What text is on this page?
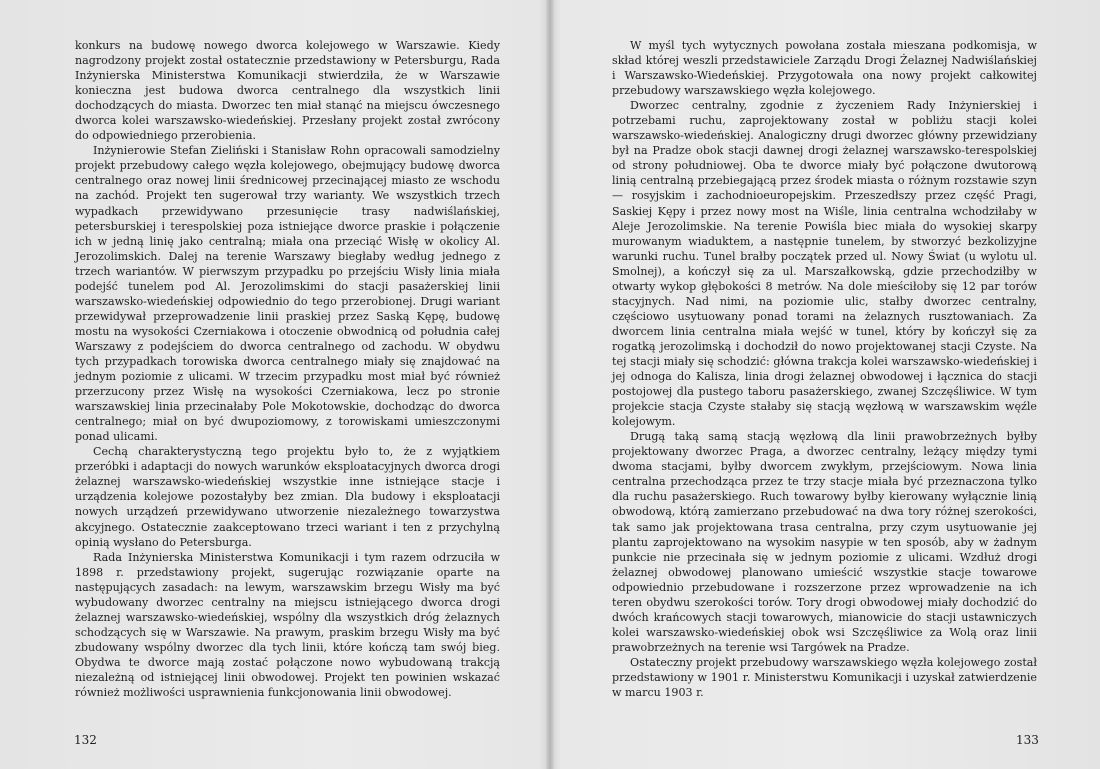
konkurs na budowę nowego dworca kolejowego w Warszawie. Kiedy nagrodzony projekt został ostatecznie przedstawiony w Petersburgu, Rada Inżynierska Ministerstwa Komunikacji stwierdziła, że w Warszawie konieczna jest budowa dworca centralnego dla wszystkich linii dochodzących do miasta. Dworzec ten miał stanąć na miejscu ówczesnego dworca kolei warszawsko-wiedeńskiej. Przesłany projekt został zwrócony do odpowiedniego przerobienia.

Inżynierowie Stefan Zieliński i Stanisław Rohn opracowali samodzielny projekt przebudowy całego węzła kolejowego, obejmujący budowę dworca centralnego oraz nowej linii średnicowej przecinającej miasto ze wschodu na zachód. Projekt ten sugerował trzy warianty. We wszystkich trzech wypadkach przewidywano przesunięcie trasy nadwiślańskiej, petersburskiej i terespolskiej poza istniejące dworce praskie i połączenie ich w jedną linię jako centralną; miała ona przeciąć Wisłę w okolicy Al. Jerozolimskich. Dalej na terenie Warszawy biegłaby według jednego z trzech wariantów. W pierwszym przypadku po przejściu Wisły linia miała podejść tunelem pod Al. Jerozolimskimi do stacji pasażerskiej linii warszawsko-wiedeńskiej odpowiednio do tego przerobionej. Drugi wariant przewidywał przeprowadzenie linii praskiej przez Saską Kępę, budowę mostu na wysokości Czerniakowa i otoczenie obwodnicą od południa całej Warszawy z podejściem do dworca centralnego od zachodu. W obydwu tych przypadkach torowiska dworca centralnego miały się znajdować na jednym poziomie z ulicami. W trzecim przypadku most miał być również przerzucony przez Wisłę na wysokości Czerniakowa, lecz po stronie warszawskiej linia przecinałaby Pole Mokotowskie, dochodząc do dworca centralnego; miał on być dwupoziomowy, z torowiskami umieszczonymi ponad ulicami.

Cechą charakterystyczną tego projektu było to, że z wyjątkiem przeróbki i adaptacji do nowych warunków eksploatacyjnych dworca drogi żelaznej warszawsko-wiedeńskiej wszystkie inne istniejące stacje i urządzenia kolejowe pozostałyby bez zmian. Dla budowy i eksploatacji nowych urządzeń przewidywano utworzenie niezależnego towarzystwa akcyjnego. Ostatecznie zaakceptowano trzeci wariant i ten z przychylną opinią wysłano do Petersburga.

Rada Inżynierska Ministerstwa Komunikacji i tym razem odrzuciła w 1898 r. przedstawiony projekt, sugerując rozwiązanie oparte na następujących zasadach: na lewym, warszawskim brzegu Wisły ma być wybudowany dworzec centralny na miejscu istniejącego dworca drogi żelaznej warszawsko-wiedeńskiej, wspólny dla wszystkich dróg żelaznych schodzących się w Warszawie. Na prawym, praskim brzegu Wisły ma być zbudowany wspólny dworzec dla tych linii, które kończą tam swój bieg. Obydwa te dworce mają zostać połączone nowo wybudowaną trakcją niezależną od istniejącej linii obwodowej. Projekt ten powinien wskazać również możliwości usprawnienia funkcjonowania linii obwodowej.

132

W myśl tych wytycznych powołana została mieszana podkomisja, w skład której weszli przedstawiciele Zarządu Drogi Żelaznej Nadwiślańskiej i Warszawsko-Wiedeńskiej. Przygotowała ona nowy projekt całkowitej przebudowy warszawskiego węzła kolejowego.

Dworzec centralny, zgodnie z życzeniem Rady Inżynierskiej i potrzebami ruchu, zaprojektowany został w pobliżu stacji kolei warszawsko-wiedeńskiej. Analogiczny drugi dworzec główny przewidziany był na Pradze obok stacji dawnej drogi żelaznej warszawsko-terespolskiej od strony południowej. Oba te dworce miały być połączone dwutorową linią centralną przebiegającą przez środek miasta o różnym rozstawie szyn — rosyjskim i zachodnioeuropejskim. Przeszedłszy przez część Pragi, Saskiej Kępy i przez nowy most na Wiśle, linia centralna wchodziłaby w Aleje Jerozolimskie. Na terenie Powiśla biec miała do wysokiej skarpy murowanym wiaduktem, a następnie tunelem, by stworzyć bezkolizyjne warunki ruchu. Tunel brałby początek przed ul. Nowy Świat (u wylotu ul. Smolnej), a kończył się za ul. Marszałkowską, gdzie przechodziłby w otwarty wykop głębokości 8 metrów. Na dole mieściłoby się 12 par torów stacyjnych. Nad nimi, na poziomie ulic, stałby dworzec centralny, częściowo usytuowany ponad torami na żelaznych rusztowaniach. Za dworcem linia centralna miała wejść w tunel, który by kończył się za rogatką jerozolimską i dochodził do nowo projektowanej stacji Czyste. Na tej stacji miały się schodzić: główna trakcja kolei warszawsko-wiedeńskiej i jej odnoga do Kalisza, linia drogi żelaznej obwodowej i łącznica do stacji postojowej dla pustego taboru pasażerskiego, zwanej Szczęśliwice. W tym projekcie stacja Czyste stałaby się stacją węzłową w warszawskim węźle kolejowym.

Drugą taką samą stacją węzłową dla linii prawobrzeżnych byłby projektowany dworzec Praga, a dworzec centralny, leżący między tymi dwoma stacjami, byłby dworcem zwykłym, przejściowym. Nowa linia centralna przechodząca przez te trzy stacje miała być przeznaczona tylko dla ruchu pasażerskiego. Ruch towarowy byłby kierowany wyłącznie linią obwodową, którą zamierzano przebudować na dwa tory różnej szerokości, tak samo jak projektowana trasa centralna, przy czym usytuowanie jej plantu zaprojektowano na wysokim nasypie w ten sposób, aby w żadnym punkcie nie przecinała się w jednym poziomie z ulicami. Wzdłuż drogi żelaznej obwodowej planowano umieścić wszystkie stacje towarowe odpowiednio przebudowane i rozszerzone przez wprowadzenie na ich teren obydwu szerokości torów. Tory drogi obwodowej miały dochodzić do dwóch krańcowych stacji towarowych, mianowicie do stacji ustawniczych kolei warszawsko-wiedeńskiej obok wsi Szczęśliwice za Wolą oraz linii prawobrzeżnych na terenie wsi Targówek na Pradze.

Ostateczny projekt przebudowy warszawskiego węzła kolejowego został przedstawiony w 1901 r. Ministerstwu Komunikacji i uzyskał zatwierdzenie w marcu 1903 r.

133
